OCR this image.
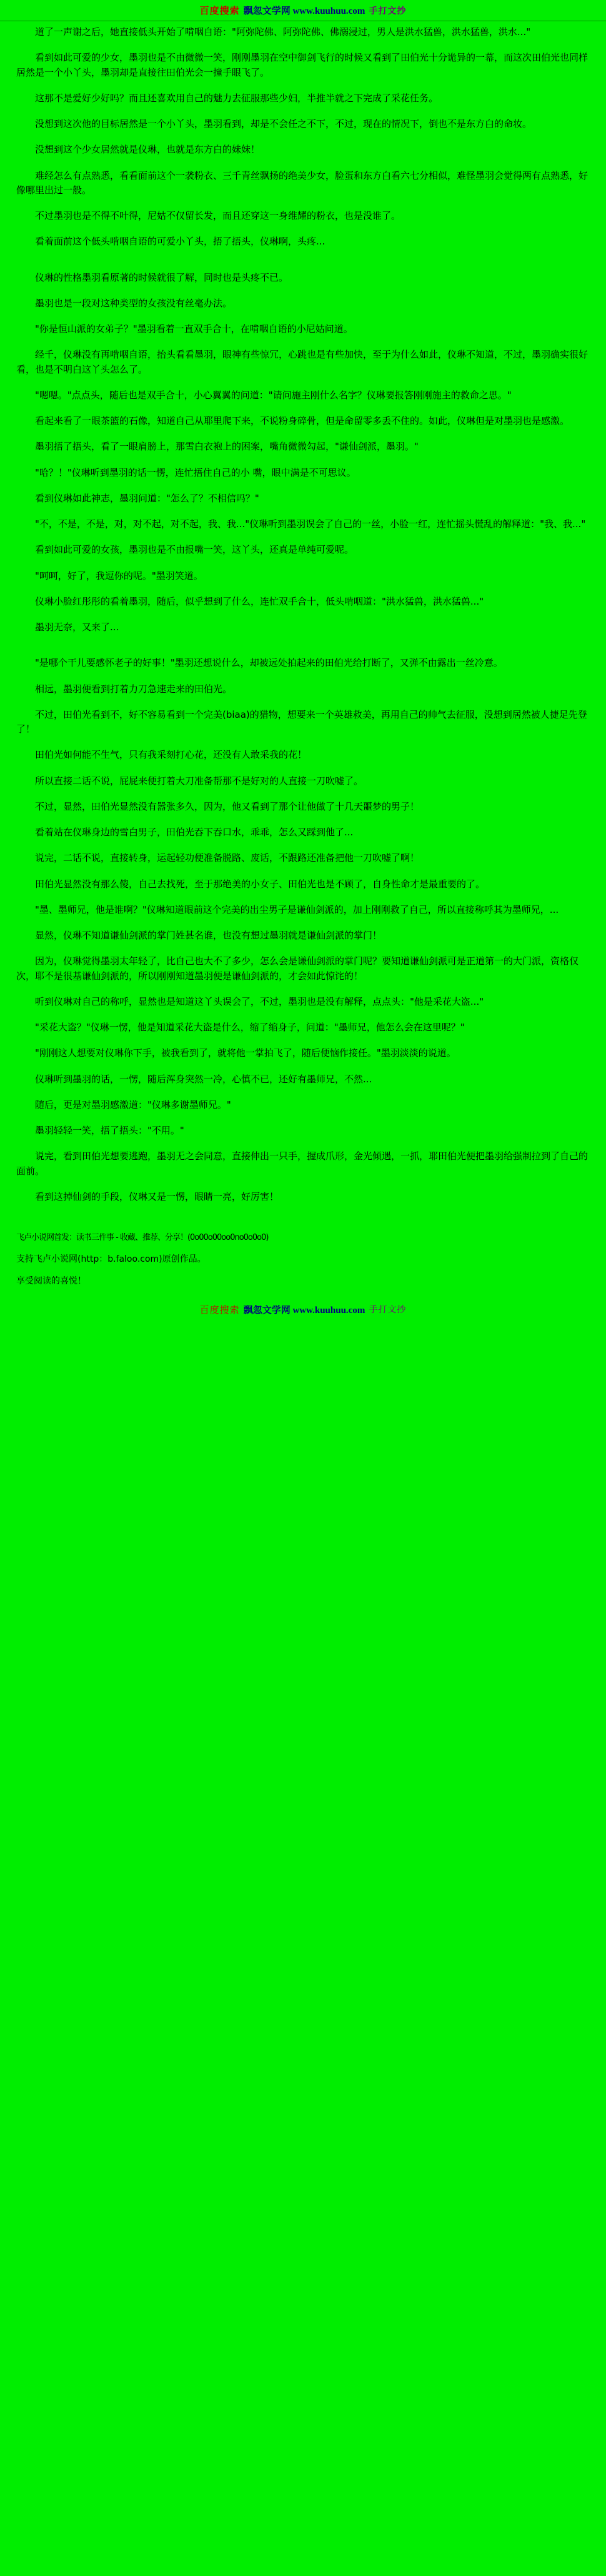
百度搜索 飘忽文学网 www.kuuhuu.com 手打文抄

道了一声谢之后，她直接低头开始了啃咽自语："阿弥陀佛、阿弥陀佛、佛溺浸过，男人是洪水猛兽，洪水猛兽，洪水..."

看到如此可爱的少女，墨羽也是不由微微一笑，刚刚墨羽在空中御剑飞行的时候又看到了田伯光十分诡异的一幕，而这次田伯光也同样居然是一个小丫头，墨羽却是直接往田伯光会一撞手眼飞了。

这那不是爱好少好吗？而且还喜欢用自己的魅力去征服那些少妇，半推半就之下完成了采花任务。

没想到这次他的目标居然是一个小丫头，墨羽看到，却是不会任之不下，不过，现在的情况下，倒也不是东方白的命妆。

没想到这个少女居然就是仪琳，也就是东方白的妹妹！

难经怎么有点熟悉，看看面前这个一袭粉衣、三千青丝飘扬的绝美少女，脸蛋和东方白看六七分相似，难怪墨羽会觉得两有点熟悉，好像哪里出过一般。

不过墨羽也是不得不叶得，尼姑不仅留长发，而且还穿这一身维耀的粉衣，也是没谁了。

看着面前这个低头啃咽自语的可爱小丫头，捂了捂头，仪琳啊，头疼...

仪琳的性格墨羽看原著的时候就很了解，同时也是头疼不已。

墨羽也是一段对这种类型的女孩没有丝毫办法。

"你是恒山派的女弟子？"墨羽看着一直双手合十，在啃咽自语的小尼姑问道。

经千，仪琳没有再啃咽自语，抬头看看墨羽，眼神有些惊冗，心跳也是有些加快，至于为什么如此，仪琳不知道，不过，墨羽确实很好看，也是不明白这丫头怎么了。

"嗯嗯。"点点头，随后也是双手合十，小心翼翼的问道："请问施主刚什么名字？仪琳要报答刚刚施主的救命之思。"

看起来看了一眼茶篮的石像，知道自己从耶里爬下来，不说粉身碎骨，但是命留零多丢不住的。如此，仪琳但是对墨羽也是感激。

墨羽捂了捂头，看了一眼肩膀上，那雪白衣袍上的困案，嘴角微微勾起，"谦仙剑派，墨羽。"

"哈？！"仪琳听到墨羽的话一愣，连忙捂住自己的小 嘴，眼中满是不可思议。

看到仪琳如此神志，墨羽问道："怎么了？不相信吗？"

"不，不是，不是，对，对不起，对不起，我、我..."仪琳听到墨羽误会了自己的一丝，小脸一红，连忙摇头慌乱的解释道："我、我..."

看到如此可爱的女孩，墨羽也是不由报嘴一笑，这丫头，还真是单纯可爱呢。

"呵呵，好了，我逗你的呢。"墨羽笑道。

仪琳小脸红彤彤的看着墨羽，随后，似乎想到了什么，连忙双手合十，低头啃咽道："洪水猛兽，洪水猛兽..."

墨羽无奈，又来了...

"是哪个干儿要感怀老子的好事！"墨羽还想说什么，却被远处拍起来的田伯光给打断了，又弹不由露出一丝冷意。

相远，墨羽便看到打着力刀急速走来的田伯光。

不过，田伯光看到不，好不容易看到一个完美(biaa)的猎物，想要来一个英雄救美，再用自己的帅气去征服，没想到居然被人捷足先登了！

田伯光如何能不生气，只有我采刻打心花，还没有人敢采我的花！

所以直接二话不说，屁屁来便打着大刀准备帮那不是好对的人直接一刀吹嘘了。

不过，显然，田伯光显然没有嚣张多久，因为，他又看到了那个让他做了十几天噩梦的男子！

看着站在仪琳身边的雪白男子，田伯光吞下吞口水，乖乖，怎么又踩到他了...

说完，二话不说，直接转身，运起轻功便准备脱路、废话，不跟路还准备把他一刀吹嘘了啊！

田伯光显然没有那么傻，自己去找死，至于那绝美的小女子、田伯光也是不顾了，自身性命才是最重要的了。

"墨、墨师兄，他是谁啊？"仪琳知道眼前这个完美的出尘男子是谦仙剑派的，加上刚刚救了自己，所以直接称呼其为墨师兄，...

显然，仪琳不知道谦仙剑派的掌门姓甚名谁，也没有想过墨羽就是谦仙剑派的掌门！

因为，仪琳觉得墨羽太年轻了，比自己也大不了多少，怎么会是谦仙剑派的掌门呢？要知道谦仙剑派可是正道第一的大门派，资格仅次，耶不是很基谦仙剑派的，所以刚刚知道墨羽便是谦仙剑派的，才会如此惊诧的！

听到仪琳对自己的称呼，显然也是知道这丫头误会了，不过，墨羽也是没有解释，点点头："他是采花大盗..."

"采花大盗？"仪琳一愣，他是知道采花大盗是什么，缩了缩身子，问道："墨师兄，他怎么会在这里呢？"

"刚刚这人想要对仪琳你下手，被我看到了，就将他一掌拍飞了，随后便恼作接任。"墨羽淡淡的说道。

仪琳听到墨羽的话，一愣，随后浑身突然一冷，心慎不已，还好有墨师兄，不然...

随后，更是对墨羽感激道："仪琳多谢墨师兄。"

墨羽轻轻一笑，捂了捂头："不用。"

说完，看到田伯光想要逃跑，墨羽无之会同意，直接伸出一只手，握成爪形，金光倾遇，一抓，耶田伯光便把墨羽给强制拉到了自己的面前。

看到这掉仙剑的手段，仪琳又是一愣，眼睛一亮，好厉害！

飞卢小说网首发：读书三件事 - 收藏、推荐、分享！(0o00o00oo0no0o0o0)

支持飞卢小说网(http：b.faloo.com)原创作品。

享受阅读的喜悦！

百度搜索 飘忽文学网 www.kuuhuu.com 手打文抄
